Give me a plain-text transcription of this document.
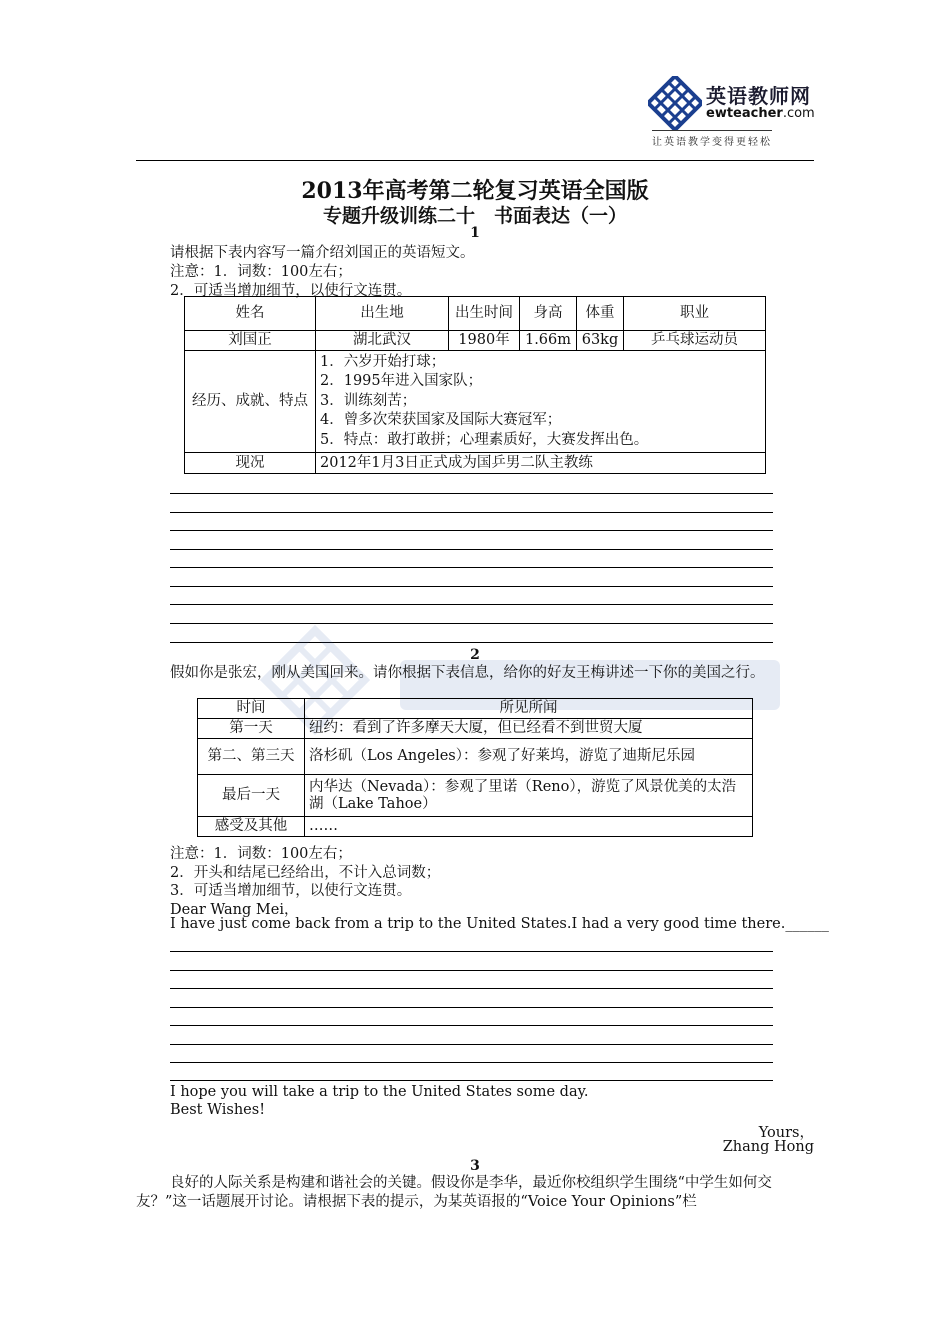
英语教师网
ewteacher.com
让英语教学变得更轻松
2013年高考第二轮复习英语全国版
专题升级训练二十　书面表达（一）
1
请根据下表内容写一篇介绍刘国正的英语短文。
注意：1．词数：100左右；
2．可适当增加细节，以使行文连贯。
姓名	出生地	出生时间	身高	体重	职业
刘国正	湖北武汉	1980年	1.66m	63kg	乒乓球运动员
经历、成就、特点	1．六岁开始打球；
2．1995年进入国家队；
3．训练刻苦；
4．曾多次荣获国家及国际大赛冠军；
5．特点：敢打敢拼；心理素质好，大赛发挥出色。				

现况	2012年1月3日正式成为国乒男二队主教练				
2
假如你是张宏，刚从美国回来。请你根据下表信息，给你的好友王梅讲述一下你的美国之行。
时间	所见所闻
第一天	纽约：看到了许多摩天大厦，但已经看不到世贸大厦
第二、第三天	洛杉矶（Los Angeles）：参观了好莱坞，游览了迪斯尼乐园
最后一天	内华达（Nevada）：参观了里诺（Reno），游览了风景优美的太浩湖（Lake Tahoe）
感受及其他	……
注意：1．词数：100左右；
2．开头和结尾已经给出，不计入总词数；
3．可适当增加细节，以使行文连贯。
Dear Wang Mei，
I have just come back from a trip to the United States.I had a very good time there.______
I hope you will take a trip to the United States some day.
Best Wishes!
Yours，
Zhang Hong
3
良好的人际关系是构建和谐社会的关键。假设你是李华，最近你校组织学生围绕“中学生如何交友？”这一话题展开讨论。请根据下表的提示，为某英语报的“Voice Your Opinions”栏
